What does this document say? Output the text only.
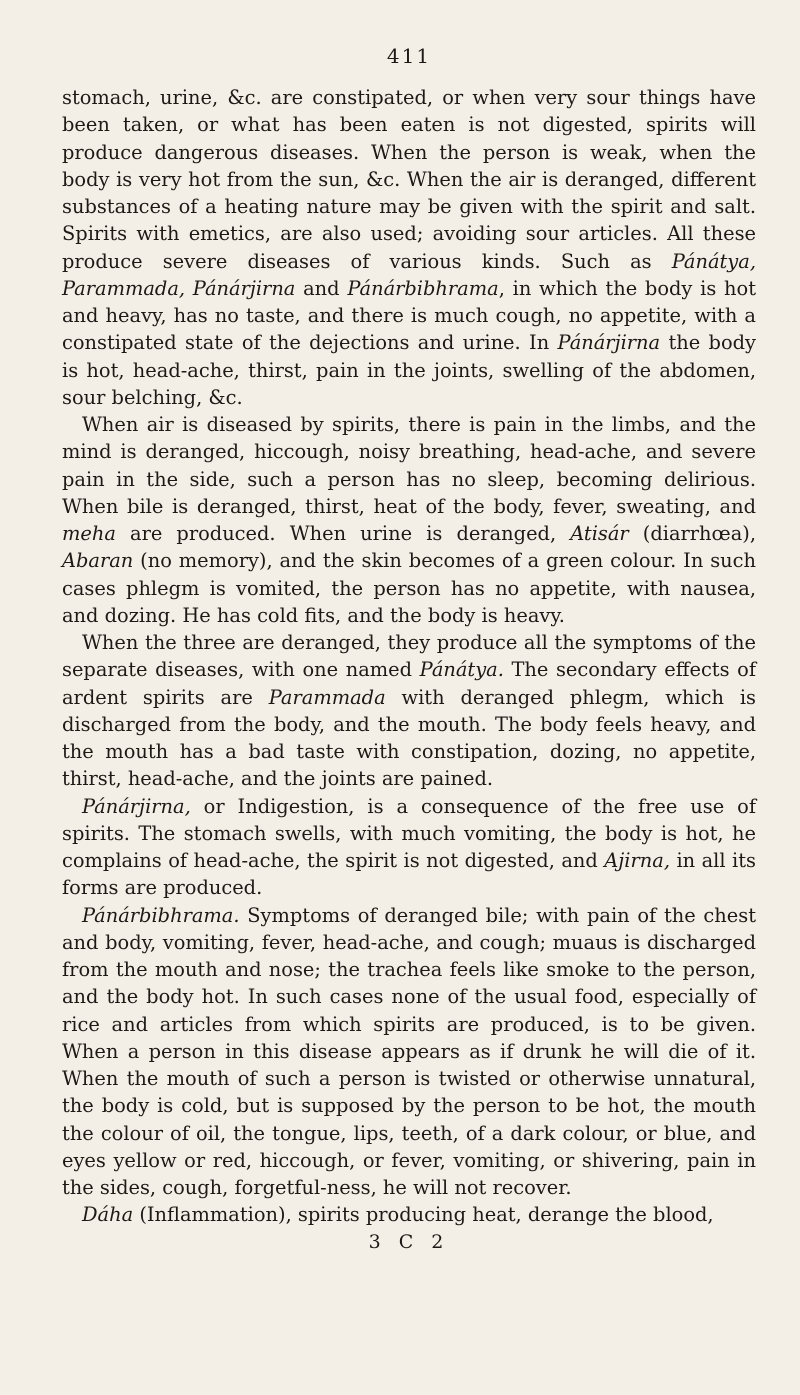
411

stomach, urine, &c. are constipated, or when very sour things have been taken, or what has been eaten is not digested, spirits will produce dangerous diseases. When the person is weak, when the body is very hot from the sun, &c. When the air is deranged, different substances of a heating nature may be given with the spirit and salt. Spirits with emetics, are also used; avoiding sour articles. All these produce severe diseases of various kinds. Such as Pánátya, Parammada, Pánárjirna and Pánárbibhrama, in which the body is hot and heavy, has no taste, and there is much cough, no appetite, with a constipated state of the dejections and urine. In Pánárjirna the body is hot, head-ache, thirst, pain in the joints, swelling of the abdomen, sour belching, &c.

When air is diseased by spirits, there is pain in the limbs, and the mind is deranged, hiccough, noisy breathing, head-ache, and severe pain in the side, such a person has no sleep, becoming delirious. When bile is deranged, thirst, heat of the body, fever, sweating, and meha are produced. When urine is deranged, Atisár (diarrhœa), Abaran (no memory), and the skin becomes of a green colour. In such cases phlegm is vomited, the person has no appetite, with nausea, and dozing. He has cold fits, and the body is heavy.

When the three are deranged, they produce all the symptoms of the separate diseases, with one named Pánátya. The secondary effects of ardent spirits are Parammada with deranged phlegm, which is discharged from the body, and the mouth. The body feels heavy, and the mouth has a bad taste with constipation, dozing, no appetite, thirst, head-ache, and the joints are pained.

Pánárjirna, or Indigestion, is a consequence of the free use of spirits. The stomach swells, with much vomiting, the body is hot, he complains of head-ache, the spirit is not digested, and Ajirna, in all its forms are produced.

Pánárbibhrama. Symptoms of deranged bile; with pain of the chest and body, vomiting, fever, head-ache, and cough; muaus is discharged from the mouth and nose; the trachea feels like smoke to the person, and the body hot. In such cases none of the usual food, especially of rice and articles from which spirits are produced, is to be given. When a person in this disease appears as if drunk he will die of it. When the mouth of such a person is twisted or otherwise unnatural, the body is cold, but is supposed by the person to be hot, the mouth the colour of oil, the tongue, lips, teeth, of a dark colour, or blue, and eyes yellow or red, hiccough, or fever, vomiting, or shivering, pain in the sides, cough, forgetful-ness, he will not recover.

Dáha (Inflammation), spirits producing heat, derange the blood,

3 C 2
